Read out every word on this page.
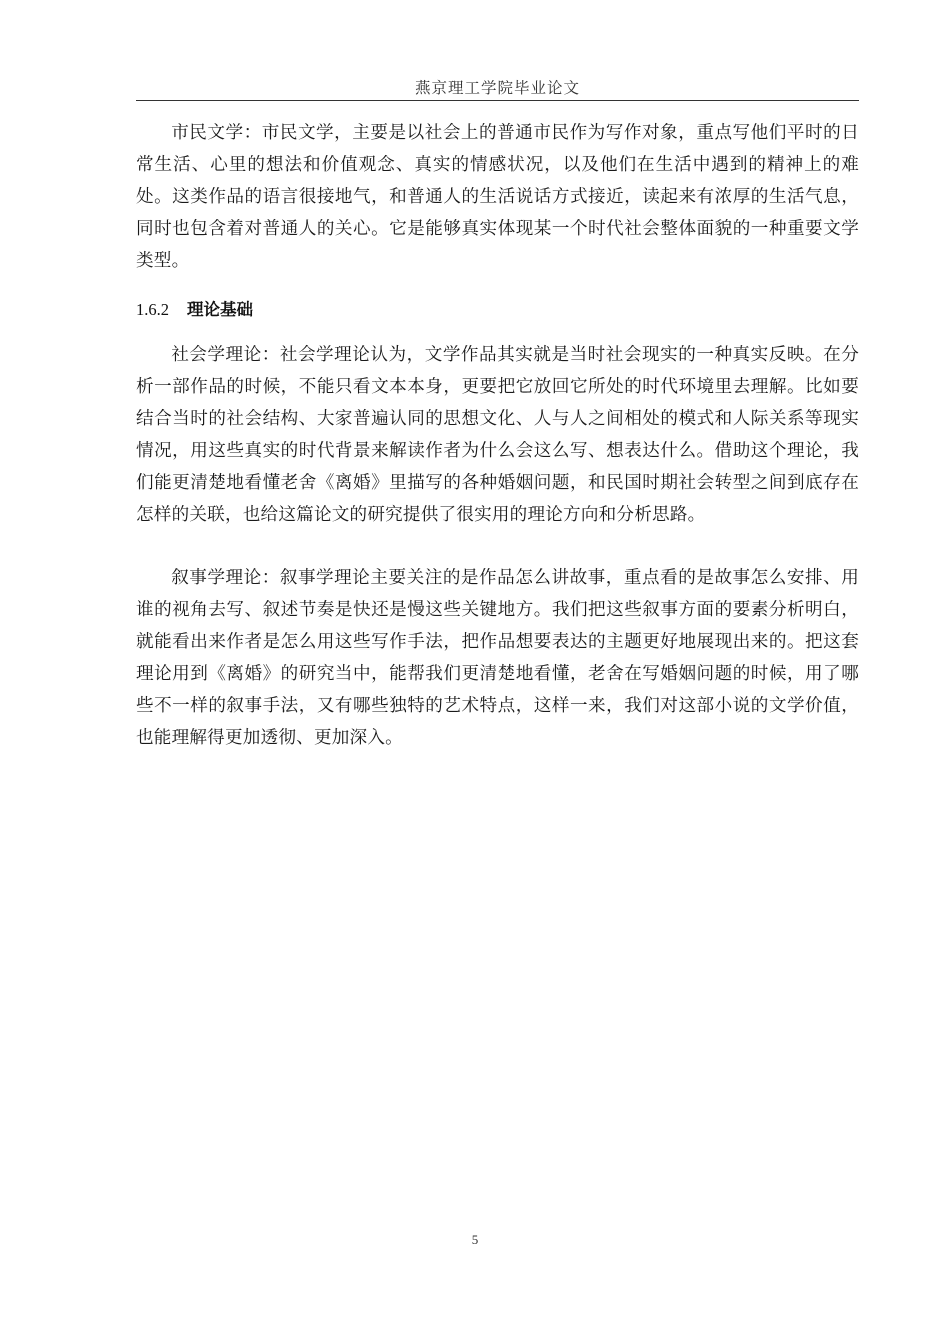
燕京理工学院毕业论文

市民文学：市民文学，主要是以社会上的普通市民作为写作对象，重点写他们平时的日常生活、心里的想法和价值观念、真实的情感状况，以及他们在生活中遇到的精神上的难处。这类作品的语言很接地气，和普通人的生活说话方式接近，读起来有浓厚的生活气息，同时也包含着对普通人的关心。它是能够真实体现某一个时代社会整体面貌的一种重要文学类型。

1.6.2 理论基础

社会学理论：社会学理论认为，文学作品其实就是当时社会现实的一种真实反映。在分析一部作品的时候，不能只看文本本身，更要把它放回它所处的时代环境里去理解。比如要结合当时的社会结构、大家普遍认同的思想文化、人与人之间相处的模式和人际关系等现实情况，用这些真实的时代背景来解读作者为什么会这么写、想表达什么。借助这个理论，我们能更清楚地看懂老舍《离婚》里描写的各种婚姻问题，和民国时期社会转型之间到底存在怎样的关联，也给这篇论文的研究提供了很实用的理论方向和分析思路。

叙事学理论：叙事学理论主要关注的是作品怎么讲故事，重点看的是故事怎么安排、用谁的视角去写、叙述节奏是快还是慢这些关键地方。我们把这些叙事方面的要素分析明白，就能看出来作者是怎么用这些写作手法，把作品想要表达的主题更好地展现出来的。把这套理论用到《离婚》的研究当中，能帮我们更清楚地看懂，老舍在写婚姻问题的时候，用了哪些不一样的叙事手法，又有哪些独特的艺术特点，这样一来，我们对这部小说的文学价值，也能理解得更加透彻、更加深入。

5
